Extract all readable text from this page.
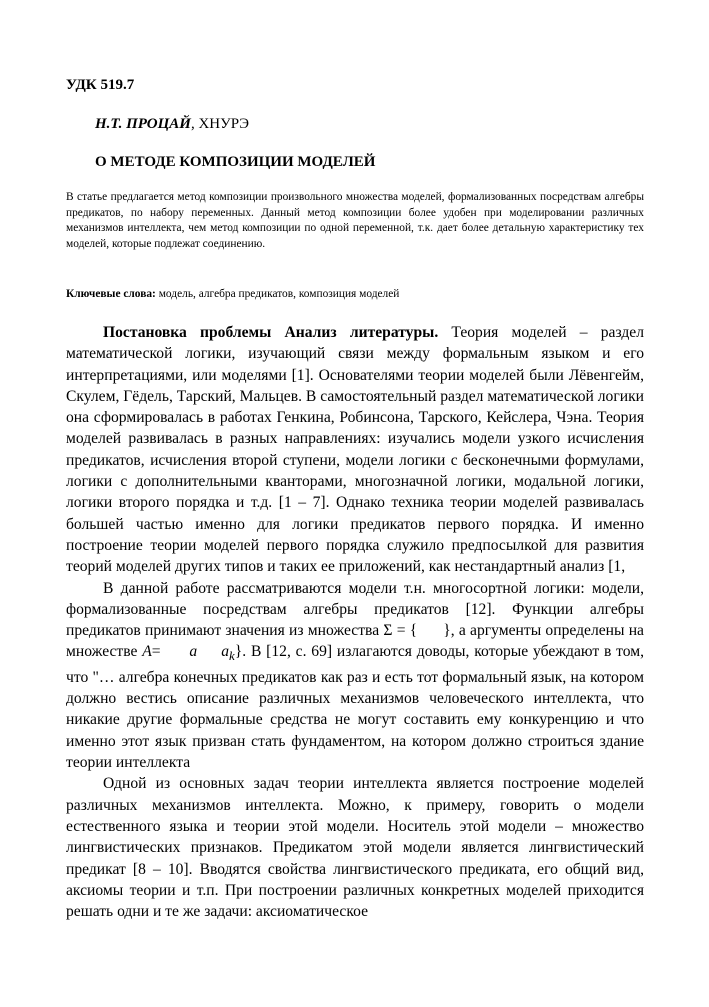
УДК 519.7
Н.Т. ПРОЦАЙ, ХНУРЭ
О МЕТОДЕ КОМПОЗИЦИИ МОДЕЛЕЙ
В статье предлагается метод композиции произвольного множества моделей, формализованных посредствам алгебры предикатов, по набору переменных. Данный метод композиции более удобен при моделировании различных механизмов интеллекта, чем метод композиции по одной переменной, т.к. дает более детальную характеристику тех моделей, которые подлежат соединению.
Ключевые слова: модель, алгебра предикатов, композиция моделей

Постановка проблемы Анализ литературы. Теория моделей – раздел математической логики, изучающий связи между формальным языком и его интерпретациями, или моделями [1]. Основателями теории моделей были Лёвенгейм, Скулем, Гёдель, Тарский, Мальцев. В самостоятельный раздел математической логики она сформировалась в работах Генкина, Робинсона, Тарского, Кейслера, Чэна. Теория моделей развивалась в разных направлениях: изучались модели узкого исчисления предикатов, исчисления второй ступени, модели логики с бесконечными формулами, логики с дополнительными кванторами, многозначной логики, модальной логики, логики второго порядка и т.д. [1 – 7]. Однако техника теории моделей развивалась большей частью именно для логики предикатов первого порядка. И именно построение теории моделей первого порядка служило предпосылкой для развития теорий моделей других типов и таких ее приложений, как нестандартный анализ [1,

В данной работе рассматриваются модели т.н. многосортной логики: модели, формализованные посредствам алгебры предикатов [12]. Функции алгебры предикатов принимают значения из множества Σ = { }, а аргументы определены на множестве A= a $a_k$}. В [12, с. 69] излагаются доводы, которые убеждают в том, что "… алгебра конечных предикатов как раз и есть тот формальный язык, на котором должно вестись описание различных механизмов человеческого интеллекта, что никакие другие формальные средства не могут составить ему конкуренцию и что именно этот язык призван стать фундаментом, на котором должно строиться здание теории интеллекта

Одной из основных задач теории интеллекта является построение моделей различных механизмов интеллекта. Можно, к примеру, говорить о модели естественного языка и теории этой модели. Носитель этой модели – множество лингвистических признаков. Предикатом этой модели является лингвистический предикат [8 – 10]. Вводятся свойства лингвистического предиката, его общий вид, аксиомы теории и т.п. При построении различных конкретных моделей приходится решать одни и те же задачи: аксиоматическое
